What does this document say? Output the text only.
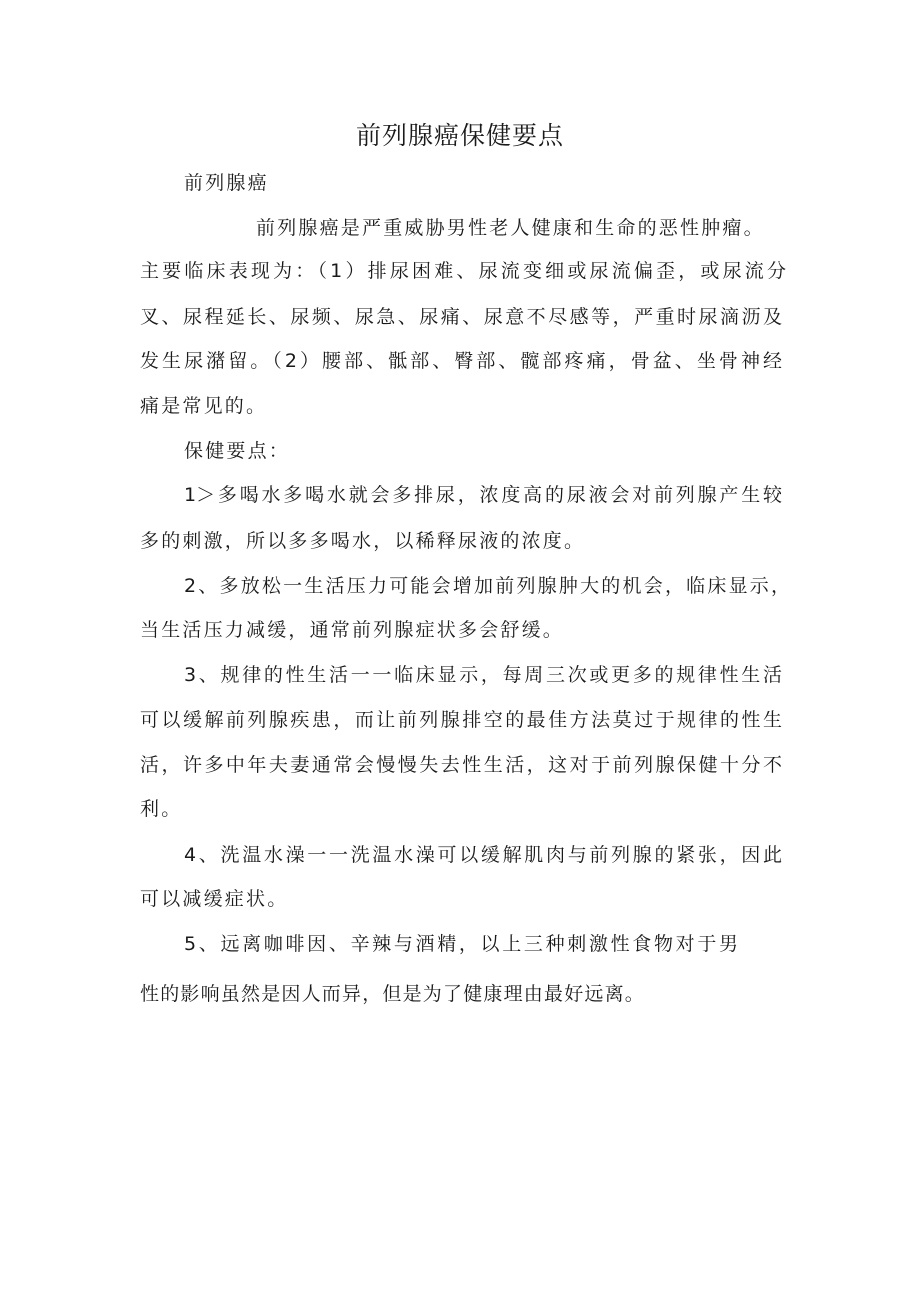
前列腺癌保健要点
前列腺癌
前列腺癌是严重威胁男性老人健康和生命的恶性肿瘤。
主要临床表现为：（1）排尿困难、尿流变细或尿流偏歪，或尿流分
叉、尿程延长、尿频、尿急、尿痛、尿意不尽感等，严重时尿滴沥及
发生尿潴留。（2）腰部、骶部、臀部、髋部疼痛，骨盆、坐骨神经
痛是常见的。
保健要点：
1＞多喝水多喝水就会多排尿，浓度高的尿液会对前列腺产生较
多的刺激，所以多多喝水，以稀释尿液的浓度。
2、多放松一生活压力可能会增加前列腺肿大的机会，临床显示，
当生活压力减缓，通常前列腺症状多会舒缓。
3、规律的性生活一一临床显示，每周三次或更多的规律性生活
可以缓解前列腺疾患，而让前列腺排空的最佳方法莫过于规律的性生
活，许多中年夫妻通常会慢慢失去性生活，这对于前列腺保健十分不
利。
4、洗温水澡一一洗温水澡可以缓解肌肉与前列腺的紧张，因此
可以减缓症状。
5、远离咖啡因、辛辣与酒精，以上三种刺激性食物对于男
性的影响虽然是因人而异，但是为了健康理由最好远离。
